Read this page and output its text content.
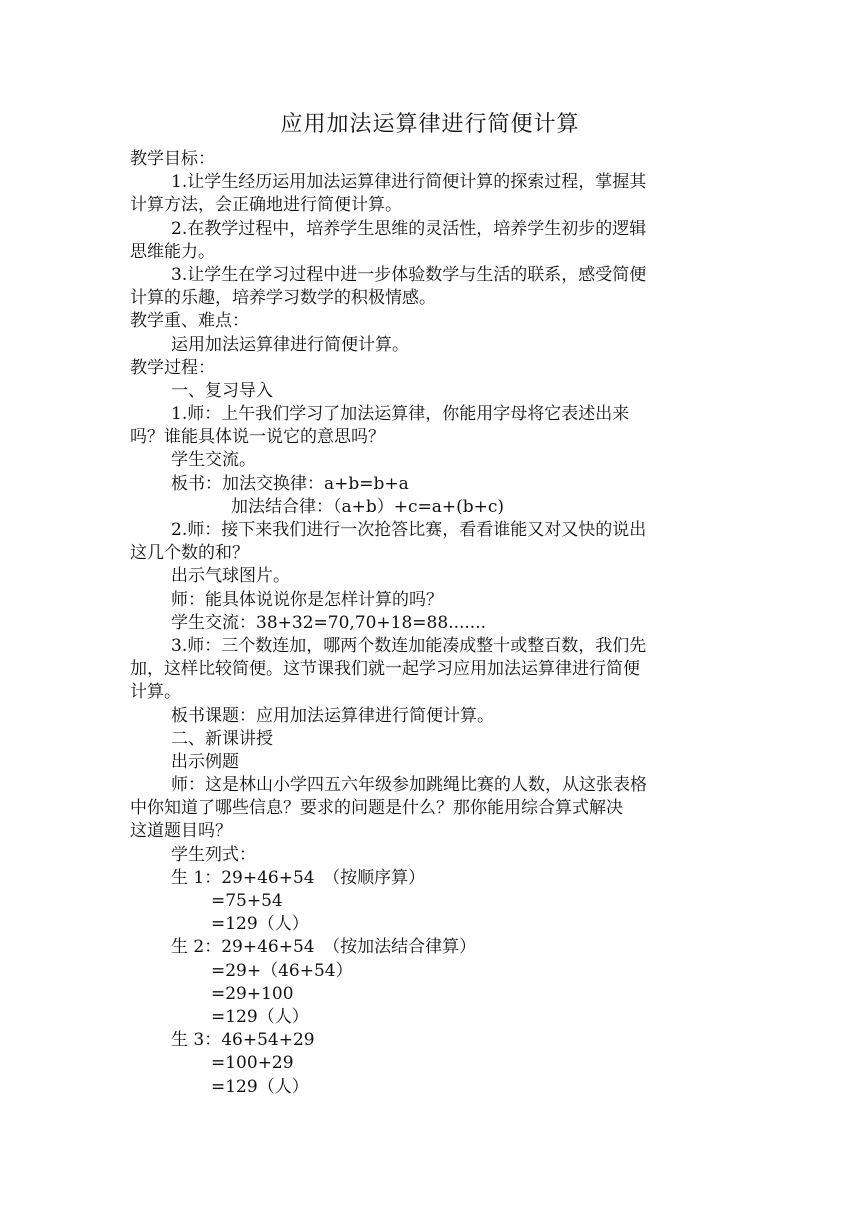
应用加法运算律进行简便计算
教学目标：
1.让学生经历运用加法运算律进行简便计算的探索过程，掌握其
计算方法，会正确地进行简便计算。
2.在教学过程中，培养学生思维的灵活性，培养学生初步的逻辑
思维能力。
3.让学生在学习过程中进一步体验数学与生活的联系，感受简便
计算的乐趣，培养学习数学的积极情感。
教学重、难点：
运用加法运算律进行简便计算。
教学过程：
一、复习导入
1.师：上午我们学习了加法运算律，你能用字母将它表述出来
吗？谁能具体说一说它的意思吗？
学生交流。
板书：加法交换律：a+b=b+a
加法结合律：（a+b）+c=a+(b+c)
2.师：接下来我们进行一次抢答比赛，看看谁能又对又快的说出
这几个数的和？
出示气球图片。
师：能具体说说你是怎样计算的吗？
学生交流：38+32=70,70+18=88.......
3.师：三个数连加，哪两个数连加能凑成整十或整百数，我们先
加，这样比较简便。这节课我们就一起学习应用加法运算律进行简便
计算。
板书课题：应用加法运算律进行简便计算。
二、新课讲授
出示例题
师：这是林山小学四五六年级参加跳绳比赛的人数，从这张表格
中你知道了哪些信息？要求的问题是什么？那你能用综合算式解决
这道题目吗？
学生列式：
生 1：29+46+54　（按顺序算）
=75+54
=129（人）
生 2：29+46+54　（按加法结合律算）
=29+（46+54）
=29+100
=129（人）
生 3：46+54+29
=100+29
=129（人）
